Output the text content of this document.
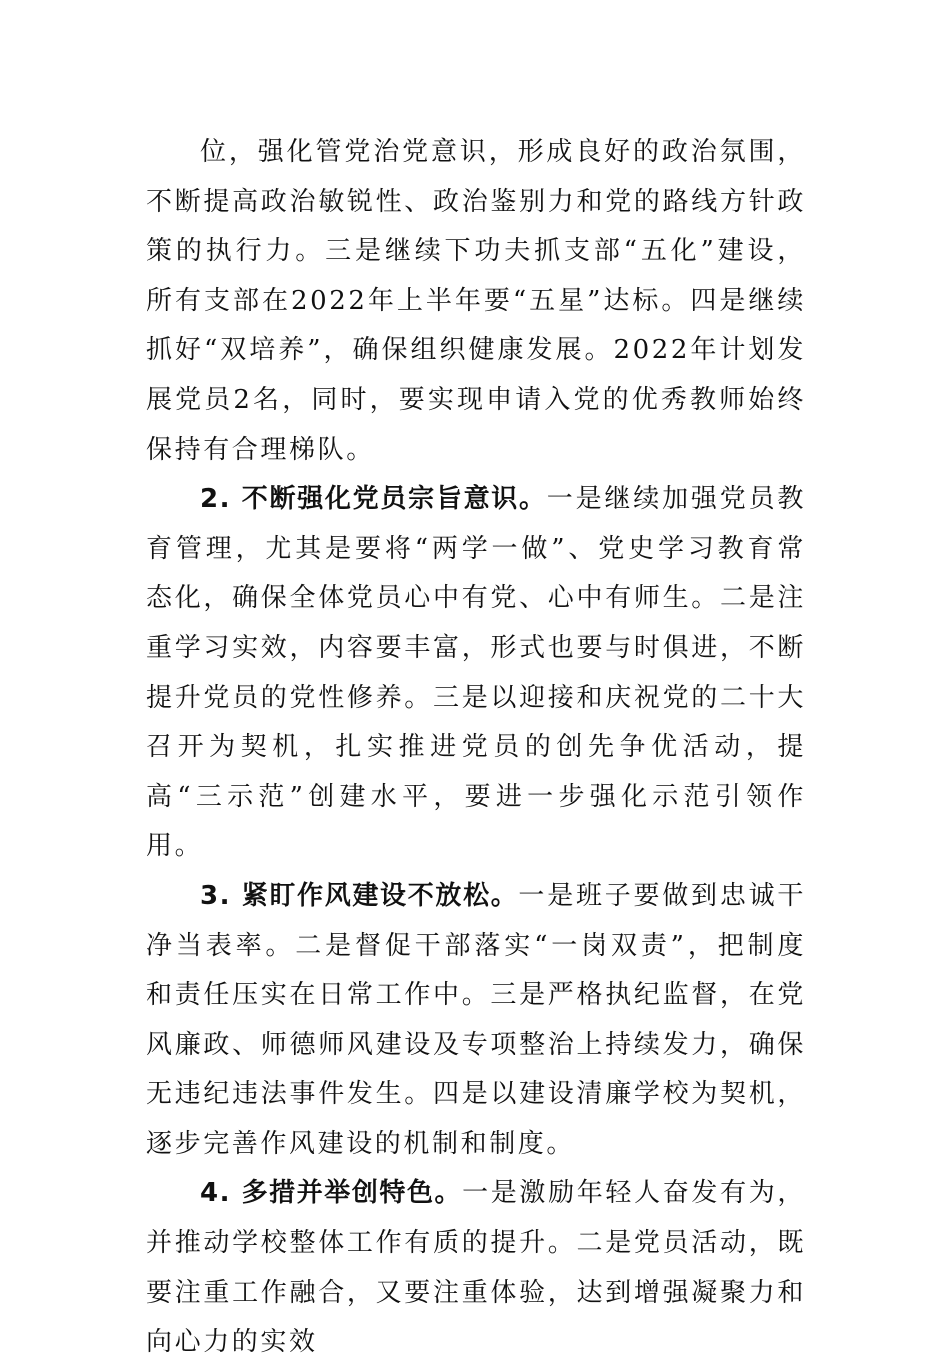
位，强化管党治党意识，形成良好的政治氛围，不断提高政治敏锐性、政治鉴别力和党的路线方针政策的执行力。三是继续下功夫抓支部“五化”建设，所有支部在2022年上半年要“五星”达标。四是继续抓好“双培养”，确保组织健康发展。2022年计划发展党员2名，同时，要实现申请入党的优秀教师始终保持有合理梯队。

2. 不断强化党员宗旨意识。一是继续加强党员教育管理，尤其是要将“两学一做”、党史学习教育常态化，确保全体党员心中有党、心中有师生。二是注重学习实效，内容要丰富，形式也要与时俱进，不断提升党员的党性修养。三是以迎接和庆祝党的二十大召开为契机，扎实推进党员的创先争优活动，提高“三示范”创建水平，要进一步强化示范引领作用。

3. 紧盯作风建设不放松。一是班子要做到忠诚干净当表率。二是督促干部落实“一岗双责”，把制度和责任压实在日常工作中。三是严格执纪监督，在党风廉政、师德师风建设及专项整治上持续发力，确保无违纪违法事件发生。四是以建设清廉学校为契机，逐步完善作风建设的机制和制度。

4. 多措并举创特色。一是激励年轻人奋发有为，并推动学校整体工作有质的提升。二是党员活动，既要注重工作融合，又要注重体验，达到增强凝聚力和向心力的实效
